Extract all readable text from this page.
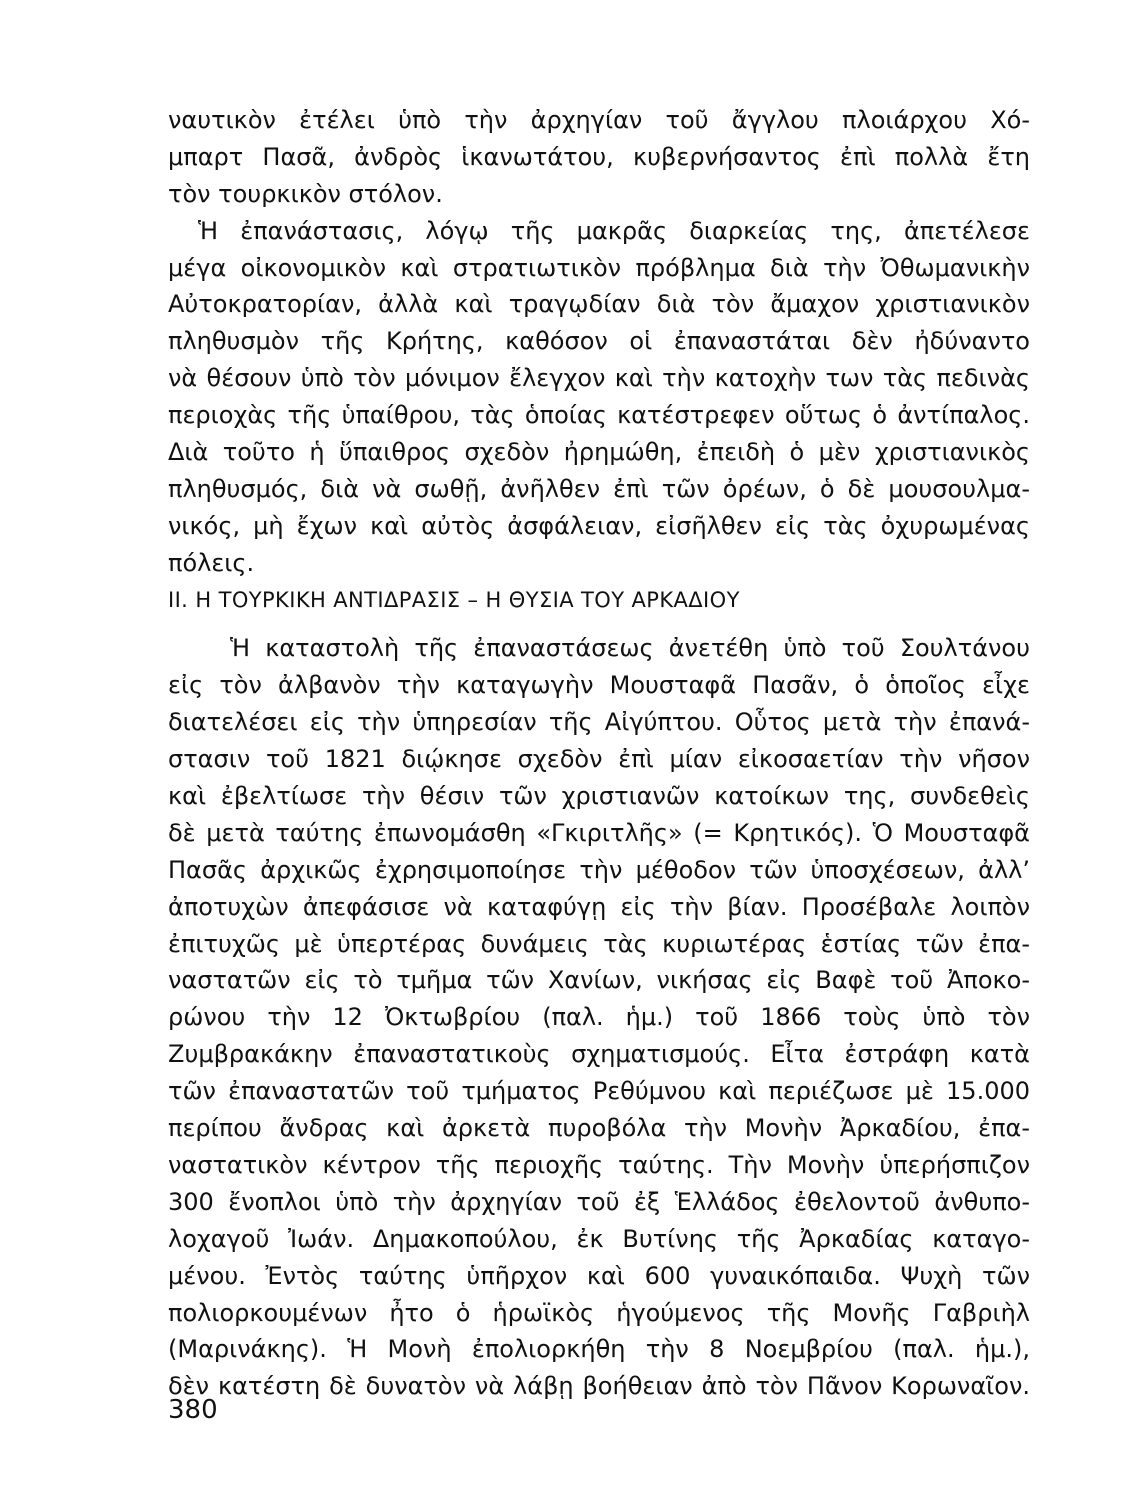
ναυτικὸν ἐτέλει ὑπὸ τὴν ἀρχηγίαν τοῦ ἄγγλου πλοιάρχου Χό-
μπαρτ Πασᾶ, ἀνδρὸς ἱκανωτάτου, κυβερνήσαντος ἐπὶ πολλὰ ἔτη
τὸν τουρκικὸν στόλον.
Ἡ ἐπανάστασις, λόγῳ τῆς μακρᾶς διαρκείας της, ἀπετέλεσε
μέγα οἰκονομικὸν καὶ στρατιωτικὸν πρόβλημα διὰ τὴν Ὀθωμανικὴν
Αὐτοκρατορίαν, ἀλλὰ καὶ τραγῳδίαν διὰ τὸν ἄμαχον χριστιανικὸν
πληθυσμὸν τῆς Κρήτης, καθόσον οἱ ἐπαναστάται δὲν ἠδύναντο
νὰ θέσουν ὑπὸ τὸν μόνιμον ἔλεγχον καὶ τὴν κατοχὴν των τὰς πεδινὰς
περιοχὰς τῆς ὑπαίθρου, τὰς ὁποίας κατέστρεφεν οὕτως ὁ ἀντίπαλος.
Διὰ τοῦτο ἡ ὕπαιθρος σχεδὸν ἠρημώθη, ἐπειδὴ ὁ μὲν χριστιανικὸς
πληθυσμός, διὰ νὰ σωθῇ, ἀνῆλθεν ἐπὶ τῶν ὀρέων, ὁ δὲ μουσουλμα-
νικός, μὴ ἔχων καὶ αὐτὸς ἀσφάλειαν, εἰσῆλθεν εἰς τὰς ὀχυρωμένας
πόλεις.
II. Η ΤΟΥΡΚΙΚΗ ΑΝΤΙΔΡΑΣΙΣ – Η ΘΥΣΙΑ ΤΟΥ ΑΡΚΑΔΙΟΥ
Ἡ καταστολὴ τῆς ἐπαναστάσεως ἀνετέθη ὑπὸ τοῦ Σουλτάνου
εἰς τὸν ἀλβανὸν τὴν καταγωγὴν Μουσταφᾶ Πασᾶν, ὁ ὁποῖος εἶχε
διατελέσει εἰς τὴν ὑπηρεσίαν τῆς Αἰγύπτου. Οὗτος μετὰ τὴν ἐπανά-
στασιν τοῦ 1821 διῴκησε σχεδὸν ἐπὶ μίαν εἰκοσαετίαν τὴν νῆσον
καὶ ἐβελτίωσε τὴν θέσιν τῶν χριστιανῶν κατοίκων της, συνδεθεὶς
δὲ μετὰ ταύτης ἐπωνομάσθη «Γκιριτλῆς» (= Κρητικός). Ὁ Μουσταφᾶ
Πασᾶς ἀρχικῶς ἐχρησιμοποίησε τὴν μέθοδον τῶν ὑποσχέσεων, ἀλλ’
ἀποτυχὼν ἀπεφάσισε νὰ καταφύγῃ εἰς τὴν βίαν. Προσέβαλε λοιπὸν
ἐπιτυχῶς μὲ ὑπερτέρας δυνάμεις τὰς κυριωτέρας ἑστίας τῶν ἐπα-
ναστατῶν εἰς τὸ τμῆμα τῶν Χανίων, νικήσας εἰς Βαφὲ τοῦ Ἀποκο-
ρώνου τὴν 12 Ὀκτωβρίου (παλ. ἡμ.) τοῦ 1866 τοὺς ὑπὸ τὸν
Ζυμβρακάκην ἐπαναστατικοὺς σχηματισμούς. Εἶτα ἐστράφη κατὰ
τῶν ἐπαναστατῶν τοῦ τμήματος Ρεθύμνου καὶ περιέζωσε μὲ 15.000
περίπου ἄνδρας καὶ ἀρκετὰ πυροβόλα τὴν Μονὴν Ἀρκαδίου, ἐπα-
ναστατικὸν κέντρον τῆς περιοχῆς ταύτης. Τὴν Μονὴν ὑπερήσπιζον
300 ἔνοπλοι ὑπὸ τὴν ἀρχηγίαν τοῦ ἐξ Ἑλλάδος ἐθελοντοῦ ἀνθυπο-
λοχαγοῦ Ἰωάν. Δημακοπούλου, ἐκ Βυτίνης τῆς Ἀρκαδίας καταγο-
μένου. Ἐντὸς ταύτης ὑπῆρχον καὶ 600 γυναικόπαιδα. Ψυχὴ τῶν
πολιορκουμένων ἦτο ὁ ἡρωϊκὸς ἡγούμενος τῆς Μονῆς Γαβριὴλ
(Μαρινάκης). Ἡ Μονὴ ἐπολιορκήθη τὴν 8 Νοεμβρίου (παλ. ἡμ.),
δὲν κατέστη δὲ δυνατὸν νὰ λάβῃ βοήθειαν ἀπὸ τὸν Πᾶνον Κορωναῖον.
380
